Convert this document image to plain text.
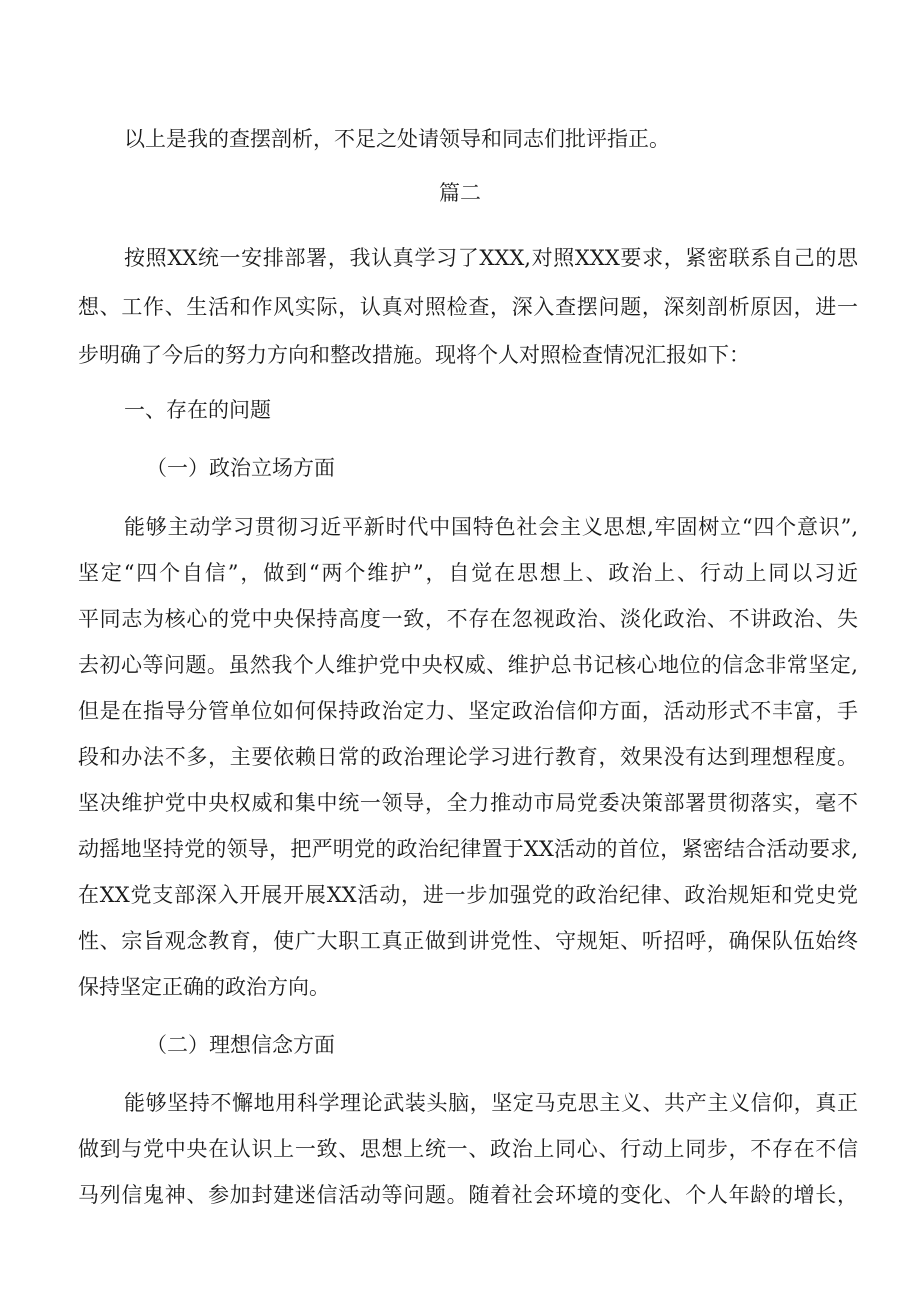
以上是我的查摆剖析，不足之处请领导和同志们批评指正。
篇二
按照XX统一安排部署，我认真学习了XXX,对照XXX要求，紧密联系自己的思
想、工作、生活和作风实际，认真对照检查，深入查摆问题，深刻剖析原因，进一
步明确了今后的努力方向和整改措施。现将个人对照检查情况汇报如下：
一、存在的问题
（一）政治立场方面
能够主动学习贯彻习近平新时代中国特色社会主义思想,牢固树立“四个意识”,
坚定“四个自信”，做到“两个维护”，自觉在思想上、政治上、行动上同以习近
平同志为核心的党中央保持高度一致，不存在忽视政治、淡化政治、不讲政治、失
去初心等问题。虽然我个人维护党中央权威、维护总书记核心地位的信念非常坚定,
但是在指导分管单位如何保持政治定力、坚定政治信仰方面，活动形式不丰富，手
段和办法不多，主要依赖日常的政治理论学习进行教育，效果没有达到理想程度。
坚决维护党中央权威和集中统一领导，全力推动市局党委决策部署贯彻落实，毫不
动摇地坚持党的领导，把严明党的政治纪律置于XX活动的首位，紧密结合活动要求,
在XX党支部深入开展开展XX活动，进一步加强党的政治纪律、政治规矩和党史党
性、宗旨观念教育，使广大职工真正做到讲党性、守规矩、听招呼，确保队伍始终
保持坚定正确的政治方向。
（二）理想信念方面
能够坚持不懈地用科学理论武装头脑，坚定马克思主义、共产主义信仰，真正
做到与党中央在认识上一致、思想上统一、政治上同心、行动上同步，不存在不信
马列信鬼神、参加封建迷信活动等问题。随着社会环境的变化、个人年龄的增长，
